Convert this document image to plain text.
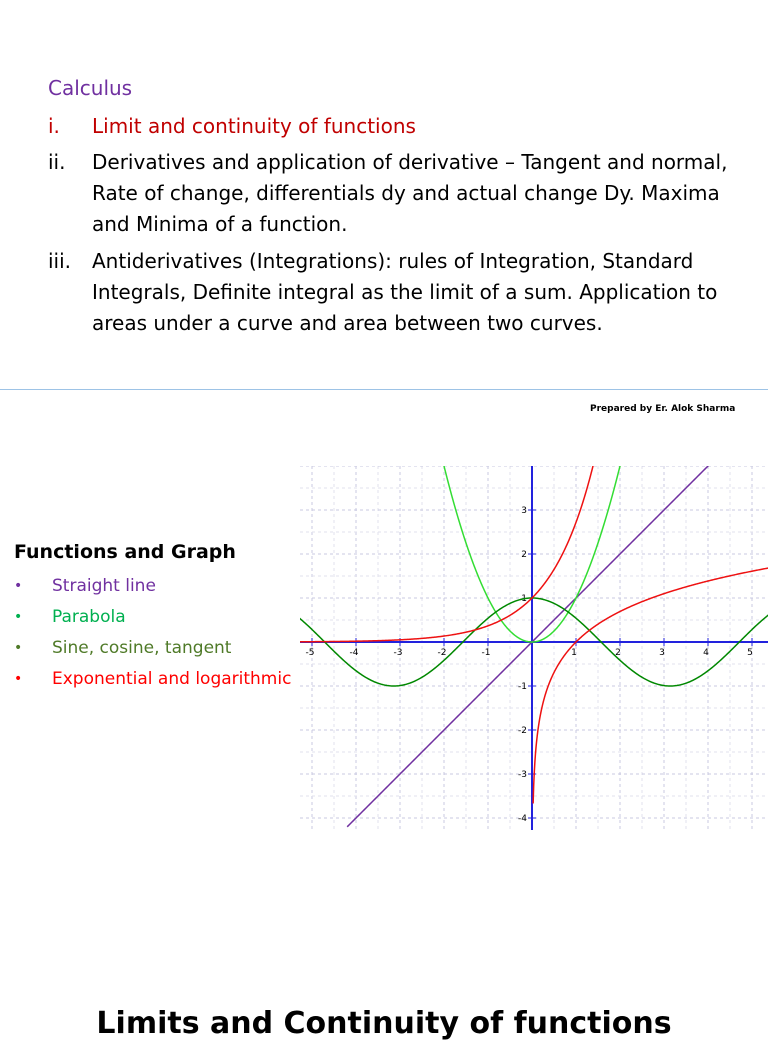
Calculus
i. Limit and continuity of functions
ii. Derivatives and application of derivative – Tangent and normal, Rate of change, differentials dy and actual change Dy. Maxima and Minima of a function.
iii. Antiderivatives (Integrations): rules of Integration, Standard Integrals, Definite integral as the limit of a sum. Application to areas under a curve and area between two curves.
Prepared by Er. Alok Sharma
Functions and Graph
• Straight line
• Parabola
• Sine, cosine, tangent
• Exponential and logarithmic
-5	-4	-3	-2	-1	1	2	3	4	5
3
2
1
-1
-2
-3
-4
Limits and Continuity of functions
